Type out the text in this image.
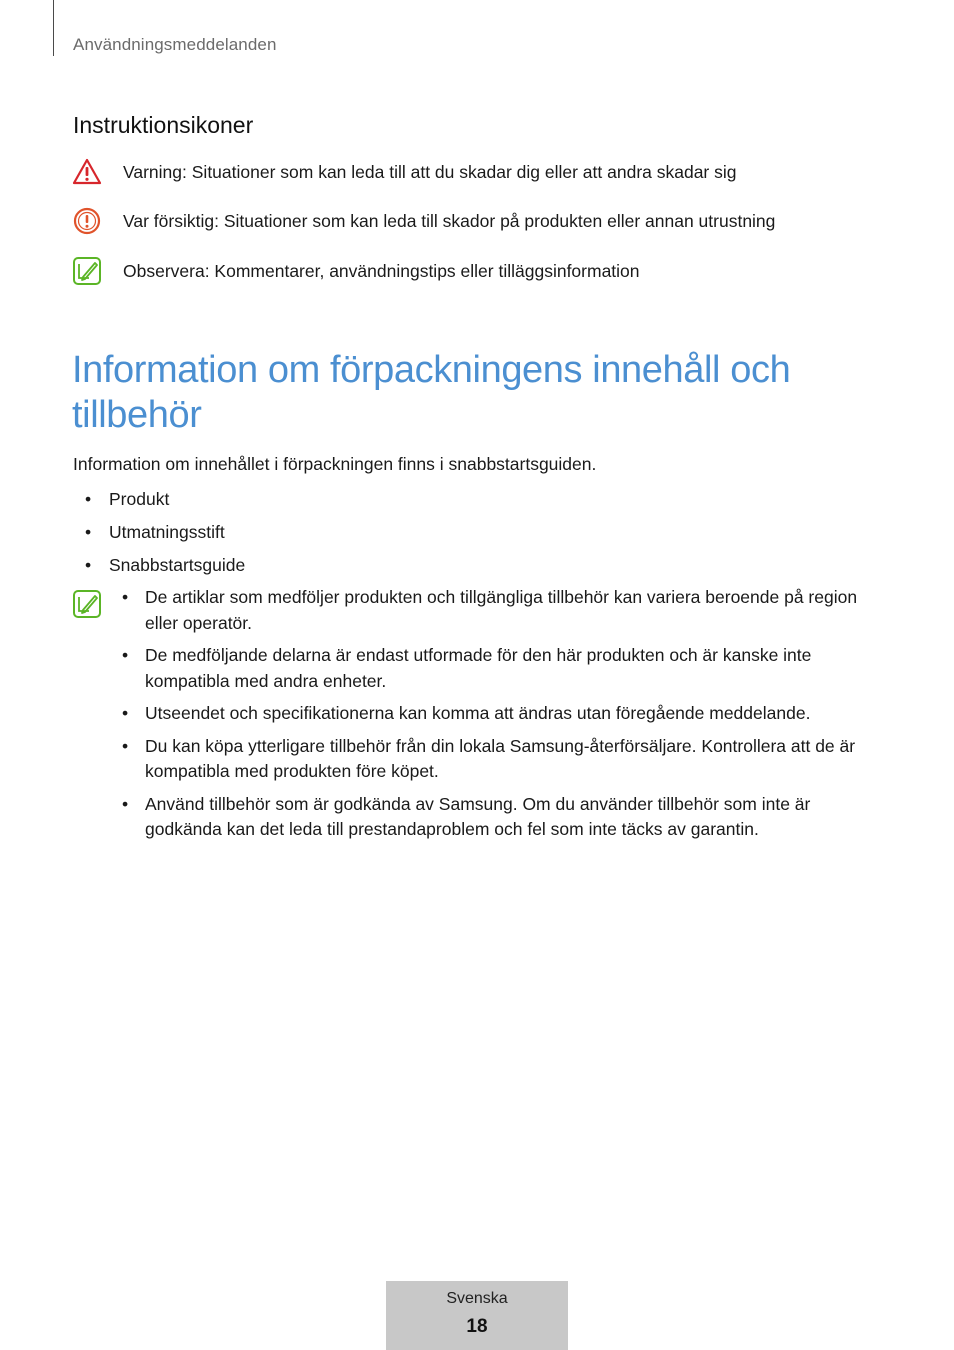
Användningsmeddelanden
Instruktionsikoner
Varning: Situationer som kan leda till att du skadar dig eller att andra skadar sig
Var försiktig: Situationer som kan leda till skador på produkten eller annan utrustning
Observera: Kommentarer, användningstips eller tilläggsinformation
Information om förpackningens innehåll och
tillbehör
Information om innehållet i förpackningen finns i snabbstartsguiden.
• Produkt
• Utmatningsstift
• Snabbstartsguide
• De artiklar som medföljer produkten och tillgängliga tillbehör kan variera beroende på region eller operatör.
• De medföljande delarna är endast utformade för den här produkten och är kanske inte kompatibla med andra enheter.
• Utseendet och specifikationerna kan komma att ändras utan föregående meddelande.
• Du kan köpa ytterligare tillbehör från din lokala Samsung-återförsäljare. Kontrollera att de är kompatibla med produkten före köpet.
• Använd tillbehör som är godkända av Samsung. Om du använder tillbehör som inte är godkända kan det leda till prestandaproblem och fel som inte täcks av garantin.
Svenska
18
